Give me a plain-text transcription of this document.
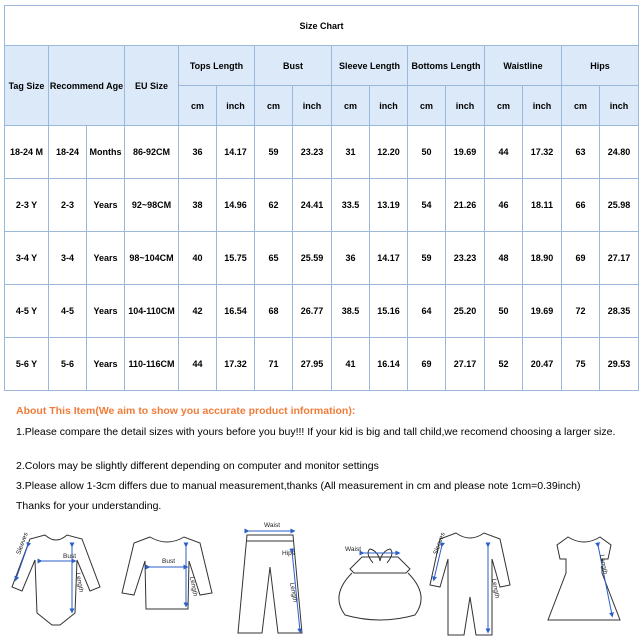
Size Chart															
Tag Size	Recommend Age		EU Size	Tops Length		Bust		Sleeve Length		Bottoms Length		Waistline		Hips	
				cm	inch	cm	inch	cm	inch	cm	inch	cm	inch	cm	inch
18-24 M	18-24	Months	86-92CM	36	14.17	59	23.23	31	12.20	50	19.69	44	17.32	63	24.80
2-3 Y	2-3	Years	92~98CM	38	14.96	62	24.41	33.5	13.19	54	21.26	46	18.11	66	25.98
3-4 Y	3-4	Years	98~104CM	40	15.75	65	25.59	36	14.17	59	23.23	48	18.90	69	27.17
4-5 Y	4-5	Years	104-110CM	42	16.54	68	26.77	38.5	15.16	64	25.20	50	19.69	72	28.35
5-6 Y	5-6	Years	110-116CM	44	17.32	71	27.95	41	16.14	69	27.17	52	20.47	75	29.53
About This Item(We aim to show you accurate product information):
1.Please compare the detail sizes with yours before you buy!!! If your kid is big and tall child,we recomend choosing a larger size.
2.Colors may be slightly different depending on computer and monitor settings
3.Please allow 1-3cm differs due to manual measurement,thanks (All measurement in cm and please note 1cm=0.39inch)
Thanks for your understanding.
Bust
Length
Sleeves
Bust
Length
Waist
Hips
Length
Waist	Sleeves
Length
Length
